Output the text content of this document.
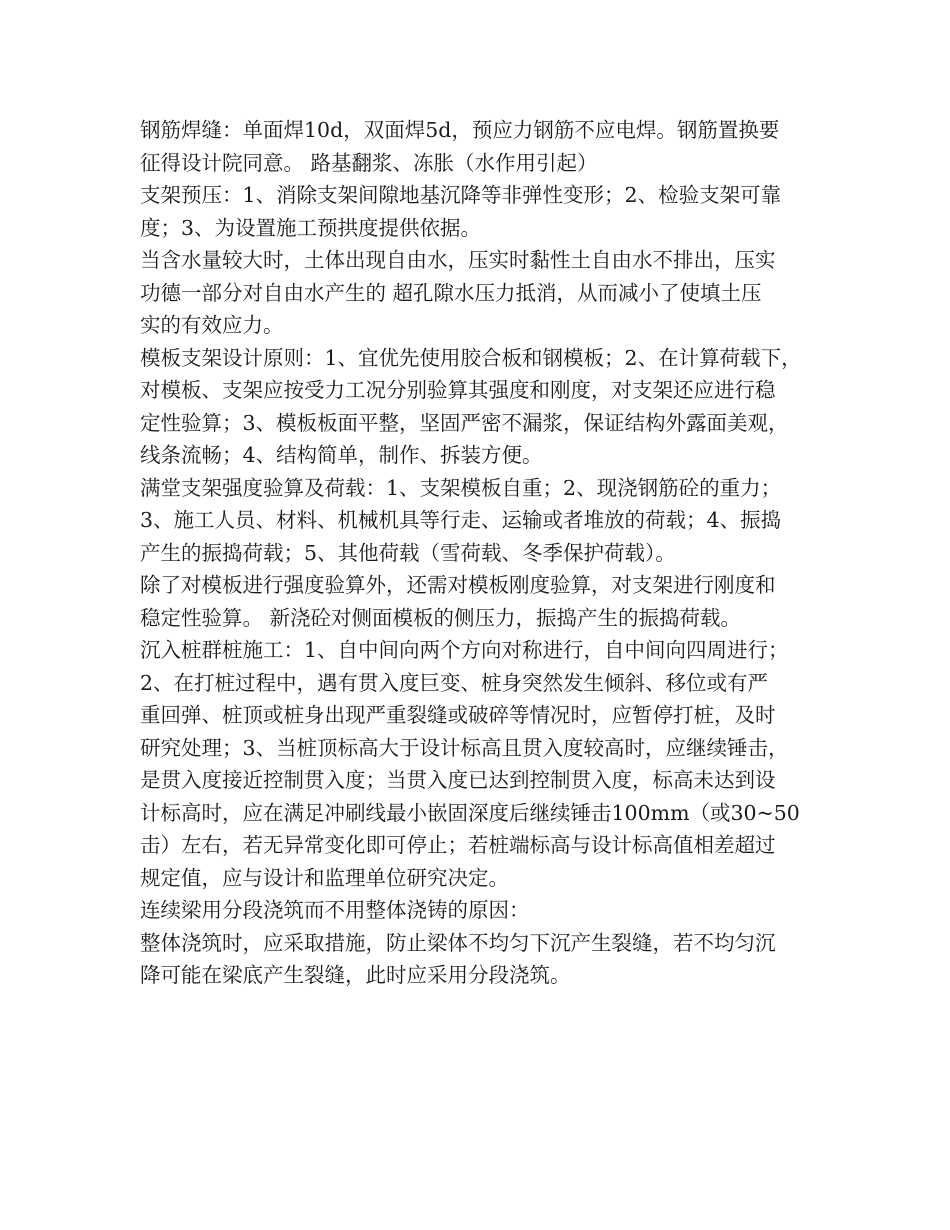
钢筋焊缝：单面焊10d，双面焊5d，预应力钢筋不应电焊。钢筋置换要
征得设计院同意。 路基翻浆、冻胀（水作用引起）
支架预压：1、消除支架间隙地基沉降等非弹性变形；2、检验支架可靠
度；3、为设置施工预拱度提供依据。
当含水量较大时，土体出现自由水，压实时黏性土自由水不排出，压实
功德一部分对自由水产生的 超孔隙水压力抵消，从而减小了使填土压
实的有效应力。
模板支架设计原则：1、宜优先使用胶合板和钢模板；2、在计算荷载下，
对模板、支架应按受力工况分别验算其强度和刚度，对支架还应进行稳
定性验算；3、模板板面平整，坚固严密不漏浆，保证结构外露面美观，
线条流畅；4、结构简单，制作、拆装方便。
满堂支架强度验算及荷载：1、支架模板自重；2、现浇钢筋砼的重力；
3、施工人员、材料、机械机具等行走、运输或者堆放的荷载；4、振捣
产生的振捣荷载；5、其他荷载（雪荷载、冬季保护荷载）。
除了对模板进行强度验算外，还需对模板刚度验算，对支架进行刚度和
稳定性验算。 新浇砼对侧面模板的侧压力，振捣产生的振捣荷载。
沉入桩群桩施工：1、自中间向两个方向对称进行，自中间向四周进行；
2、在打桩过程中，遇有贯入度巨变、桩身突然发生倾斜、移位或有严
重回弹、桩顶或桩身出现严重裂缝或破碎等情况时，应暂停打桩，及时
研究处理；3、当桩顶标高大于设计标高且贯入度较高时，应继续锤击，
是贯入度接近控制贯入度；当贯入度已达到控制贯入度，标高未达到设
计标高时，应在满足冲刷线最小嵌固深度后继续锤击100mm（或30~50
击）左右，若无异常变化即可停止；若桩端标高与设计标高值相差超过
规定值，应与设计和监理单位研究决定。
连续梁用分段浇筑而不用整体浇铸的原因：
整体浇筑时，应采取措施，防止梁体不均匀下沉产生裂缝，若不均匀沉
降可能在梁底产生裂缝，此时应采用分段浇筑。
